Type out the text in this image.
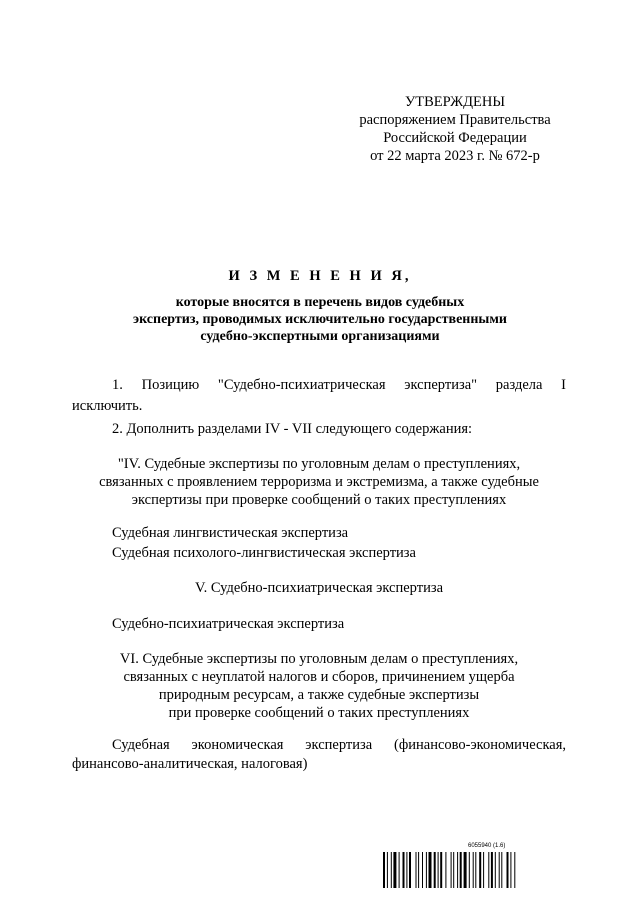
УТВЕРЖДЕНЫ
распоряжением Правительства
Российской Федерации
от 22 марта 2023 г. № 672-р
И З М Е Н Е Н И Я,
которые вносятся в перечень видов судебных
экспертиз, проводимых исключительно государственными
судебно-экспертными организациями
1. Позицию "Судебно-психиатрическая экспертиза" раздела I
исключить.
2. Дополнить разделами IV - VII следующего содержания:
"IV. Судебные экспертизы по уголовным делам о преступлениях,
связанных с проявлением терроризма и экстремизма, а также судебные
экспертизы при проверке сообщений о таких преступлениях
Судебная лингвистическая экспертиза
Судебная психолого-лингвистическая экспертиза
V. Судебно-психиатрическая экспертиза
Судебно-психиатрическая экспертиза
VI. Судебные экспертизы по уголовным делам о преступлениях,
связанных с неуплатой налогов и сборов, причинением ущерба
природным ресурсам, а также судебные экспертизы
при проверке сообщений о таких преступлениях
Судебная экономическая экспертиза (финансово-экономическая,
финансово-аналитическая, налоговая)
6055940 (1.6)
